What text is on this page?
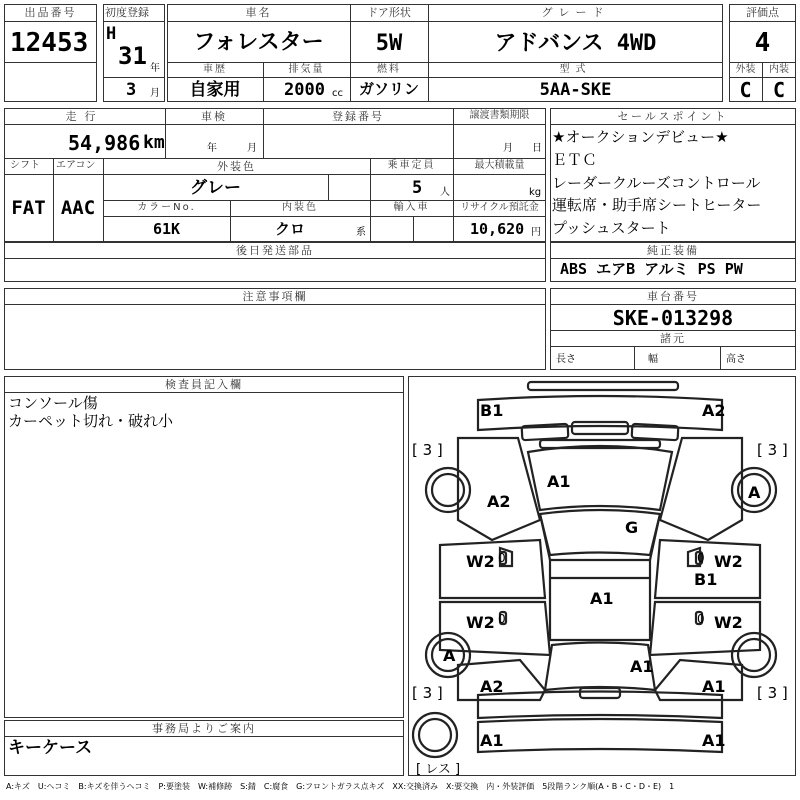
出品番号
12453
初度登録
H
31 年
3 月
車名
フォレスター
ドア形状
5W
グレード
アドバンス 4WD
評価点
4
外装	内装
C	C
車歴
自家用
排気量
2000 cc
燃料
ガソリン
型式
5AA-SKE
走行
54,986 km
車検
年	月
登録番号	譲渡書類期限
月 日
シフト エアコン
FAT AAC
外装色
グレー
乗車定員
5 人
最大積載量
kg
カラーNo.
61K
内装色
クロ	系
輸入車	リサイクル預託金
10,620 円
後日発送部品
セールスポイント
★オークションデビュー★
ＥＴＣ
レーダークルーズコントロール
運転席・助手席シートヒーター
プッシュスタート
純正装備
ABS エアB アルミ PS PW
注意事項欄	車台番号
SKE-013298
諸元
長さ	幅	高さ
検査員記入欄
コンソール傷
カーペット切れ・破れ小
事務局よりご案内
キーケース
[ 3 ]	[ 3 ]
[ 3 ]	[ 3 ]
[ レス ]
B1	A2
A1
A2	A
G
W2	W2
B1
A1
W2	W2
A
A1
A2	A1
A1	A1
0
0
0
0
A:キズ　U:ヘコミ　B:キズを伴うヘコミ　P:要塗装　W:補修跡　S:錆　C:腐食　G:フロントガラス点キズ　XX:交換済み　X:要交換　内・外装評価　5段階ランク順(A・B・C・D・E)　1
